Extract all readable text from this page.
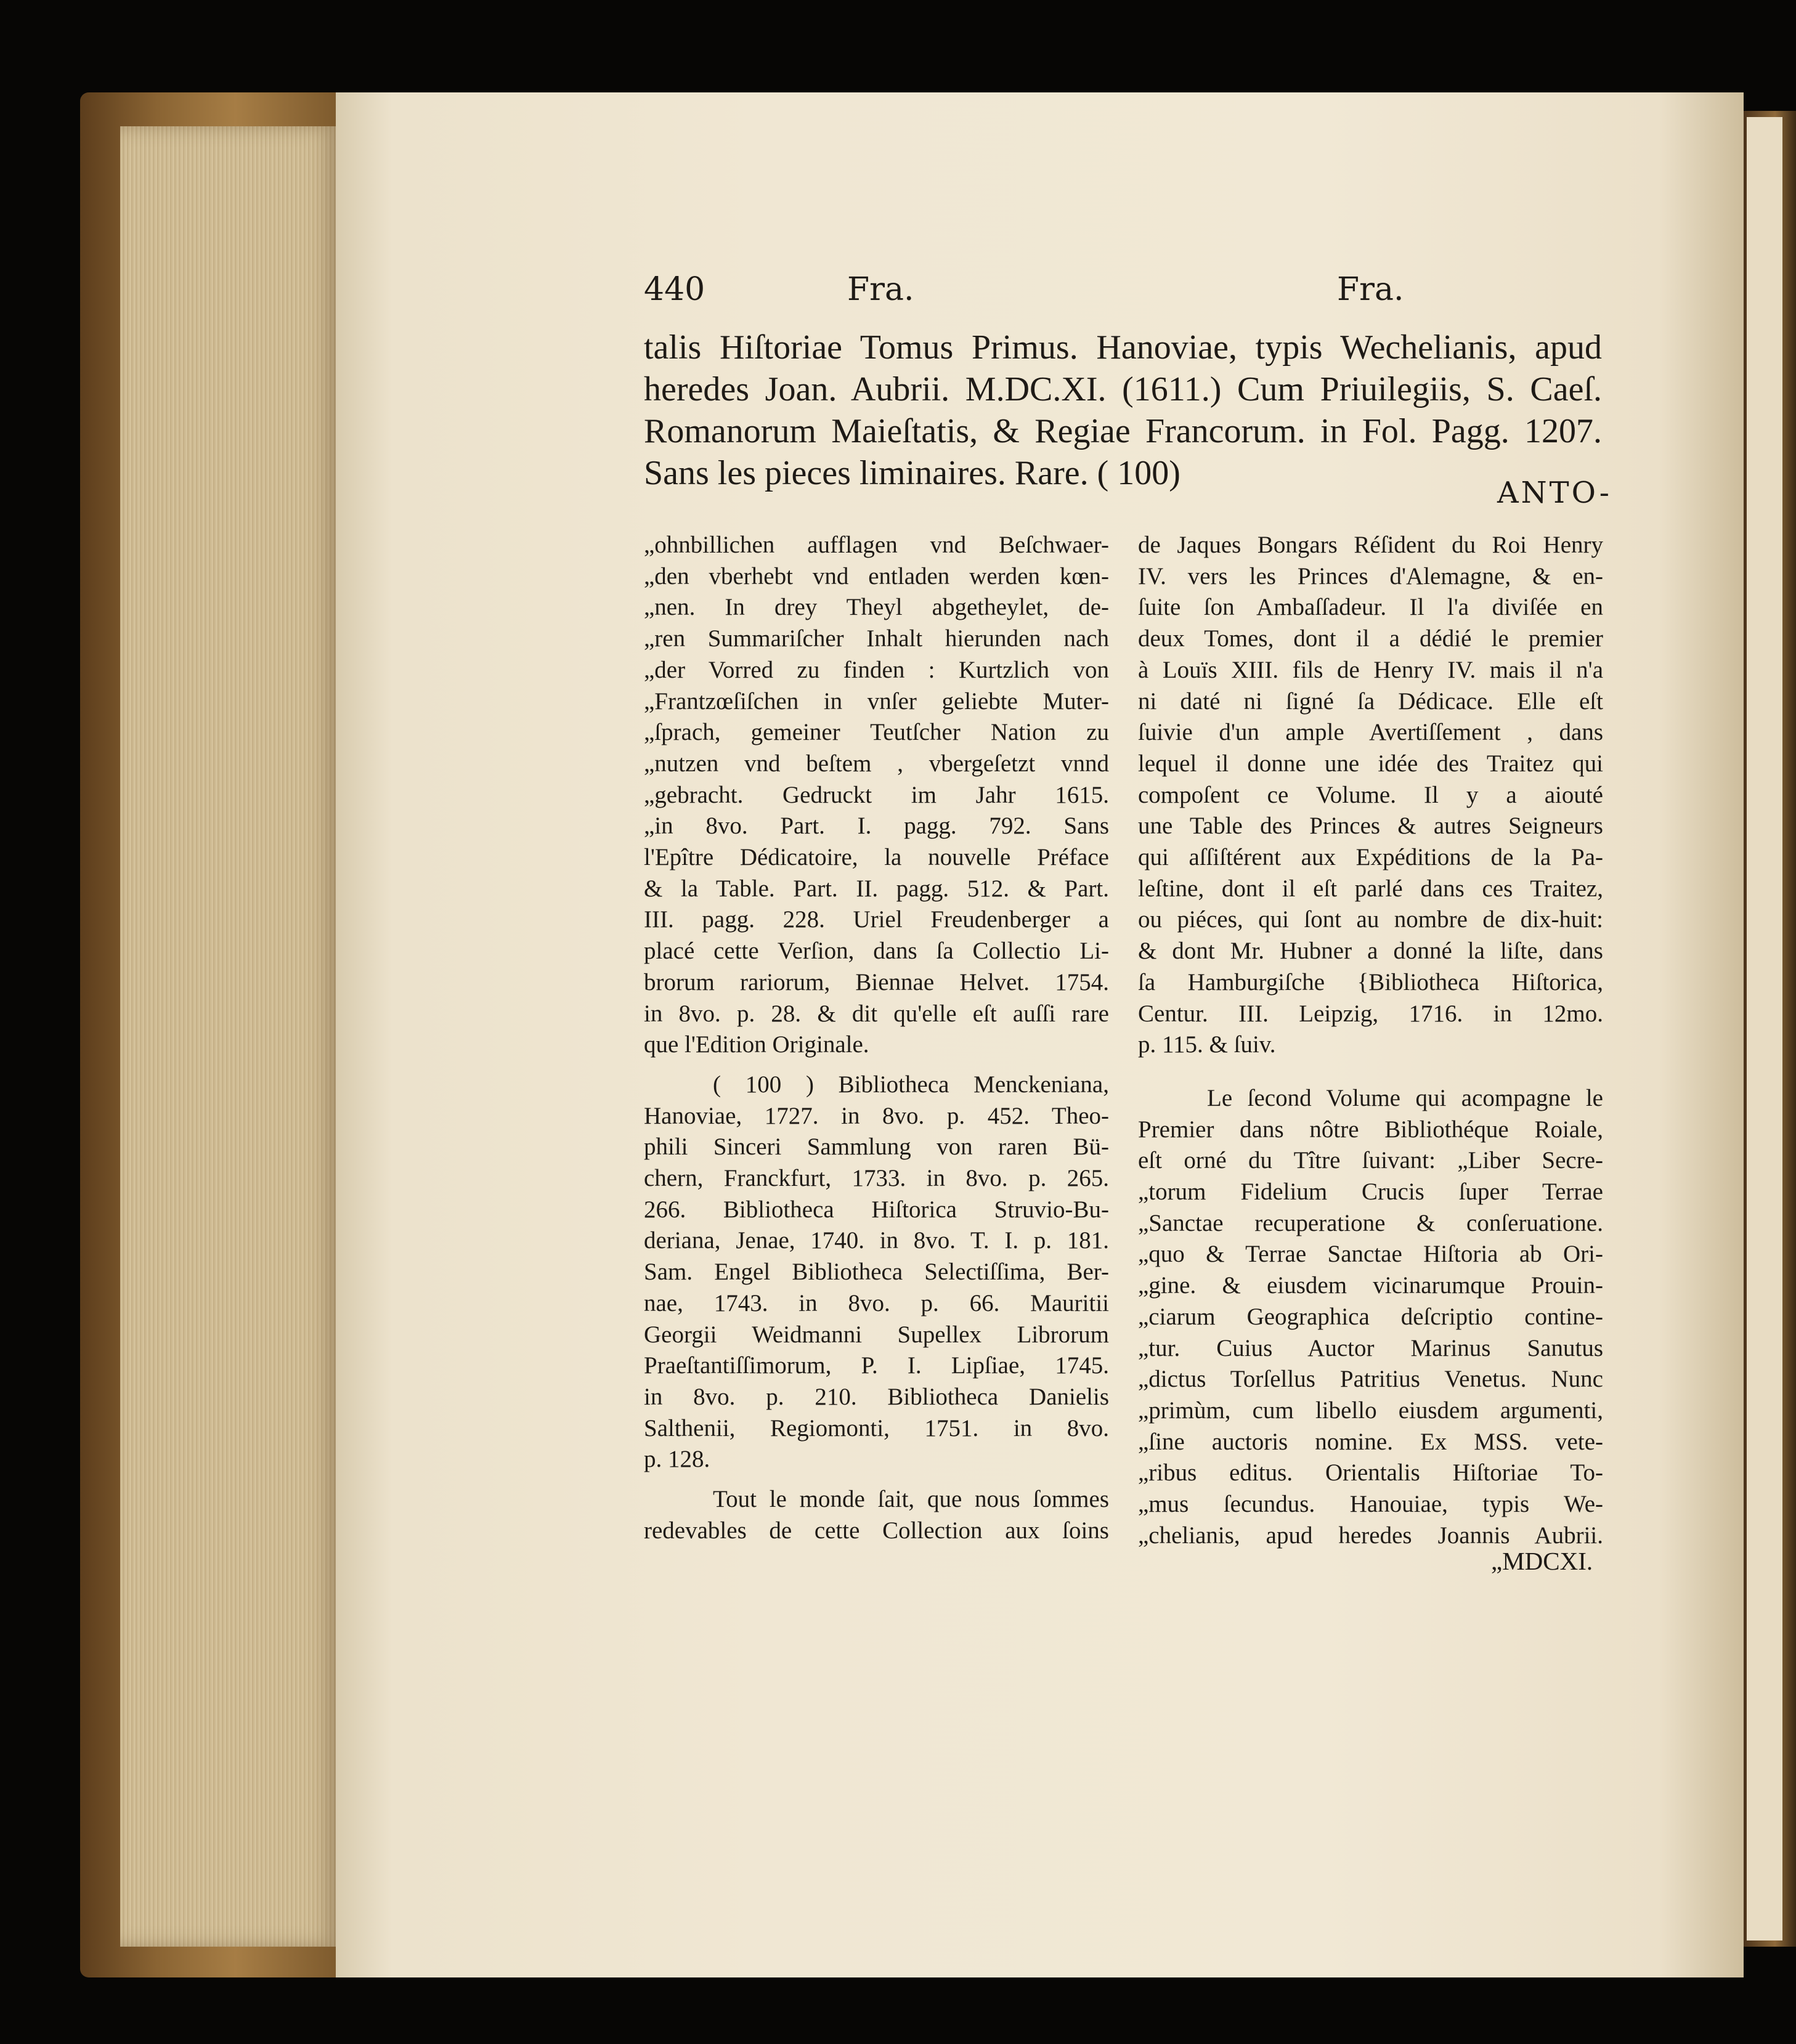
440	Fra.	Fra.

talis Hiſtoriae Tomus Primus. Hanoviae, typis Wechelianis, apud

heredes Joan. Aubrii. M.DC.XI. (1611.) Cum Priuilegiis, S. Caeſ.

Romanorum Maieſtatis, & Regiae Francorum. in Fol. Pagg. 1207.

Sans les pieces liminaires. Rare. ( 100)

ANTO-
„ohnbillichen aufflagen vnd Beſchwaer-
„den vberhebt vnd entladen werden kœn-
„nen. In drey Theyl abgetheylet, de-
„ren Summariſcher Inhalt hierunden nach
„der Vorred zu finden : Kurtzlich von
„Frantzœſiſchen in vnſer geliebte Muter-
„ſprach, gemeiner Teutſcher Nation zu
„nutzen vnd beſtem , vbergeſetzt vnnd
„gebracht. Gedruckt im Jahr 1615.
„in 8vo. Part. I. pagg. 792. Sans
l'Epître Dédicatoire, la nouvelle Préface
& la Table. Part. II. pagg. 512. & Part.
III. pagg. 228. Uriel Freudenberger a
placé cette Verſion, dans ſa Collectio Li-
brorum rariorum, Biennae Helvet. 1754.
in 8vo. p. 28. & dit qu'elle eſt auſſi rare
que l'Edition Originale.
( 100 ) Bibliotheca Menckeniana,
Hanoviae, 1727. in 8vo. p. 452. Theo-
phili Sinceri Sammlung von raren Bü-
chern, Franckfurt, 1733. in 8vo. p. 265.
266. Bibliotheca Hiſtorica Struvio-Bu-
deriana, Jenae, 1740. in 8vo. T. I. p. 181.
Sam. Engel Bibliotheca Selectiſſima, Ber-
nae, 1743. in 8vo. p. 66. Mauritii
Georgii Weidmanni Supellex Librorum
Praeſtantiſſimorum, P. I. Lipſiae, 1745.
in 8vo. p. 210. Bibliotheca Danielis
Salthenii, Regiomonti, 1751. in 8vo.
p. 128.
Tout le monde ſait, que nous ſommes
redevables de cette Collection aux ſoins
de Jaques Bongars Réſident du Roi Henry
IV. vers les Princes d'Alemagne, & en-
ſuite ſon Ambaſſadeur. Il l'a diviſée en
deux Tomes, dont il a dédié le premier
à Louïs XIII. fils de Henry IV. mais il n'a
ni daté ni ſigné ſa Dédicace. Elle eſt
ſuivie d'un ample Avertiſſement , dans
lequel il donne une idée des Traitez qui
compoſent ce Volume. Il y a aiouté
une Table des Princes & autres Seigneurs
qui aſſiſtérent aux Expéditions de la Pa-
leſtine, dont il eſt parlé dans ces Traitez,
ou piéces, qui ſont au nombre de dix-huit:
& dont Mr. Hubner a donné la liſte, dans
ſa Hamburgiſche {Bibliotheca Hiſtorica,
Centur. III. Leipzig, 1716. in 12mo.
p. 115. & ſuiv.
Le ſecond Volume qui acompagne le
Premier dans nôtre Bibliothéque Roiale,
eſt orné du Tître ſuivant: „Liber Secre-
„torum Fidelium Crucis ſuper Terrae
„Sanctae recuperatione & conſeruatione.
„quo & Terrae Sanctae Hiſtoria ab Ori-
„gine. & eiusdem vicinarumque Prouin-
„ciarum Geographica deſcriptio contine-
„tur. Cuius Auctor Marinus Sanutus
„dictus Torſellus Patritius Venetus. Nunc
„primùm, cum libello eiusdem argumenti,
„ſine auctoris nomine. Ex MSS. vete-
„ribus editus. Orientalis Hiſtoriae To-
„mus ſecundus. Hanouiae, typis We-
„chelianis, apud heredes Joannis Aubrii.
„MDCXI.
